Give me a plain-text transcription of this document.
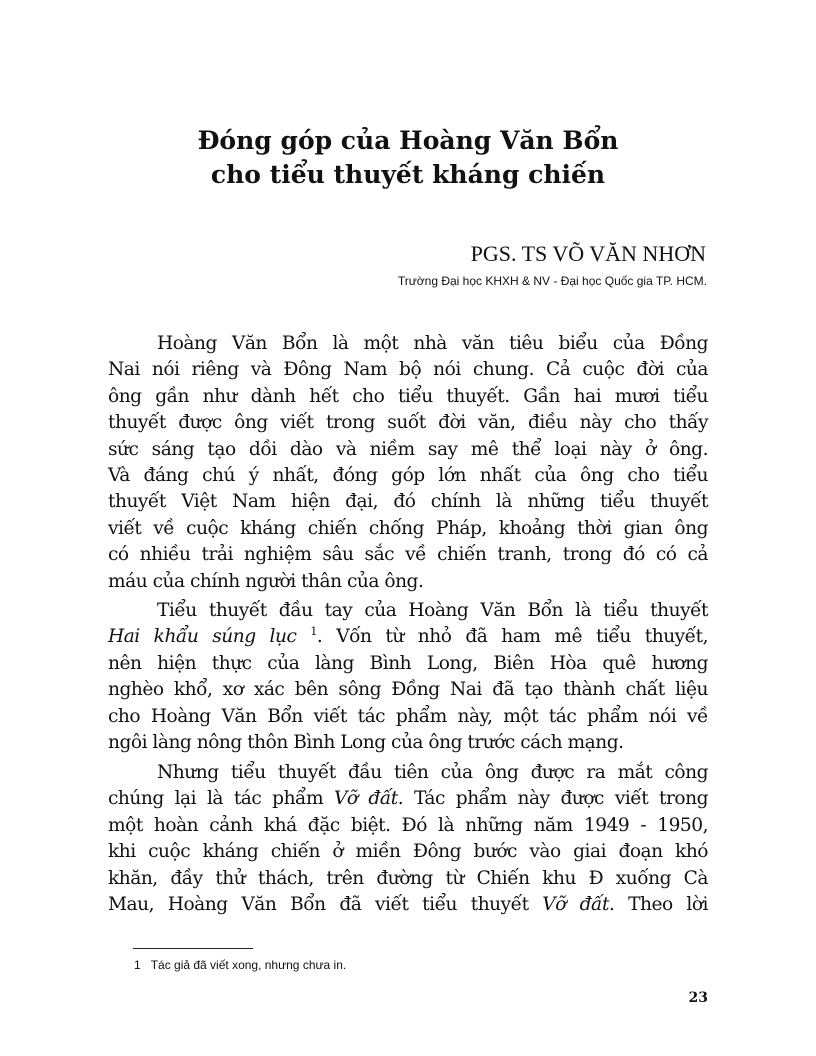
Đóng góp của Hoàng Văn Bổn
cho tiểu thuyết kháng chiến
PGS. TS VÕ VĂN NHƠN
Trường Đại học KHXH & NV - Đại học Quốc gia TP. HCM.
Hoàng Văn Bổn là một nhà văn tiêu biểu của Đồng
Nai nói riêng và Đông Nam bộ nói chung. Cả cuộc đời của
ông gần như dành hết cho tiểu thuyết. Gần hai mươi tiểu
thuyết được ông viết trong suốt đời văn, điều này cho thấy
sức sáng tạo dồi dào và niềm say mê thể loại này ở ông.
Và đáng chú ý nhất, đóng góp lớn nhất của ông cho tiểu
thuyết Việt Nam hiện đại, đó chính là những tiểu thuyết
viết về cuộc kháng chiến chống Pháp, khoảng thời gian ông
có nhiều trải nghiệm sâu sắc về chiến tranh, trong đó có cả
máu của chính người thân của ông.
Tiểu thuyết đầu tay của Hoàng Văn Bổn là tiểu thuyết
Hai khẩu súng lục $^1$. Vốn từ nhỏ đã ham mê tiểu thuyết,
nên hiện thực của làng Bình Long, Biên Hòa quê hương
nghèo khổ, xơ xác bên sông Đồng Nai đã tạo thành chất liệu
cho Hoàng Văn Bổn viết tác phẩm này, một tác phẩm nói về
ngôi làng nông thôn Bình Long của ông trước cách mạng.
Nhưng tiểu thuyết đầu tiên của ông được ra mắt công
chúng lại là tác phẩm Vỡ đất. Tác phẩm này được viết trong
một hoàn cảnh khá đặc biệt. Đó là những năm 1949 - 1950,
khi cuộc kháng chiến ở miền Đông bước vào giai đoạn khó
khăn, đầy thử thách, trên đường từ Chiến khu Đ xuống Cà
Mau, Hoàng Văn Bổn đã viết tiểu thuyết Vỡ đất. Theo lời
1 Tác giả đã viết xong, nhưng chưa in.
23
